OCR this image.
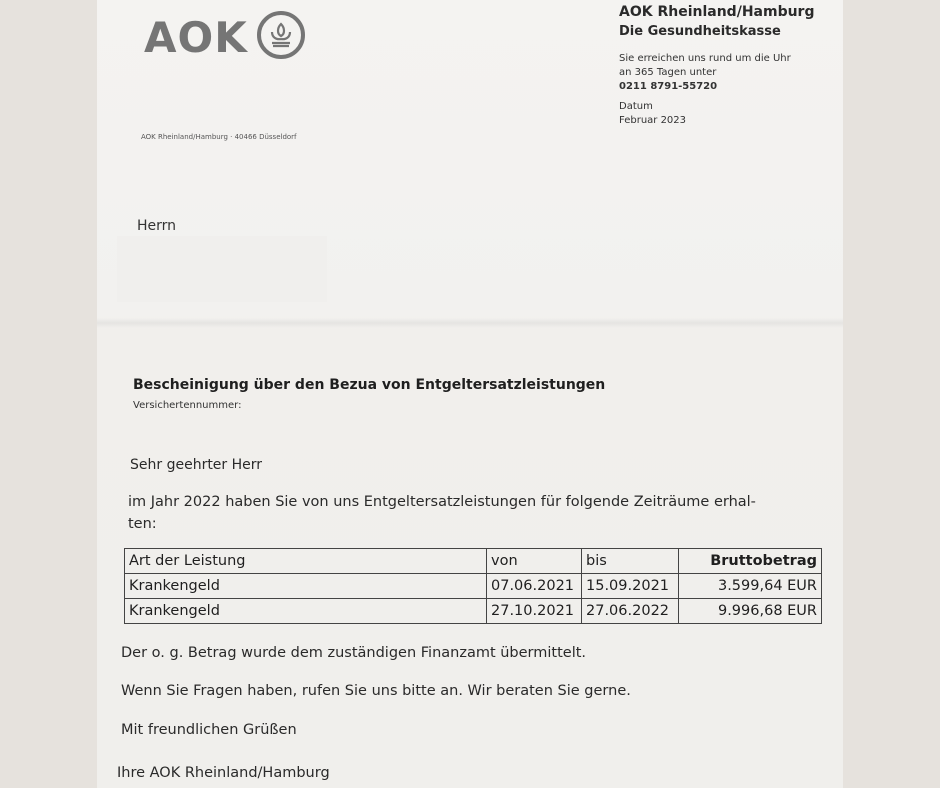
AOK
AOK Rheinland/Hamburg · 40466 Düsseldorf
AOK Rheinland/Hamburg
Die Gesundheitskasse
Sie erreichen uns rund um die Uhr
an 365 Tagen unter
0211 8791-55720
Datum
Februar 2023
Herrn
Bescheinigung über den Bezua von Entgeltersatzleistungen
Versichertennummer:
Sehr geehrter Herr
im Jahr 2022 haben Sie von uns Entgeltersatzleistungen für folgende Zeiträume erhal-
ten:
Art der Leistung	von	bis	Bruttobetrag
Krankengeld	07.06.2021	15.09.2021	3.599,64 EUR
Krankengeld	27.10.2021	27.06.2022	9.996,68 EUR
Der o. g. Betrag wurde dem zuständigen Finanzamt übermittelt.
Wenn Sie Fragen haben, rufen Sie uns bitte an. Wir beraten Sie gerne.
Mit freundlichen Grüßen
Ihre AOK Rheinland/Hamburg
